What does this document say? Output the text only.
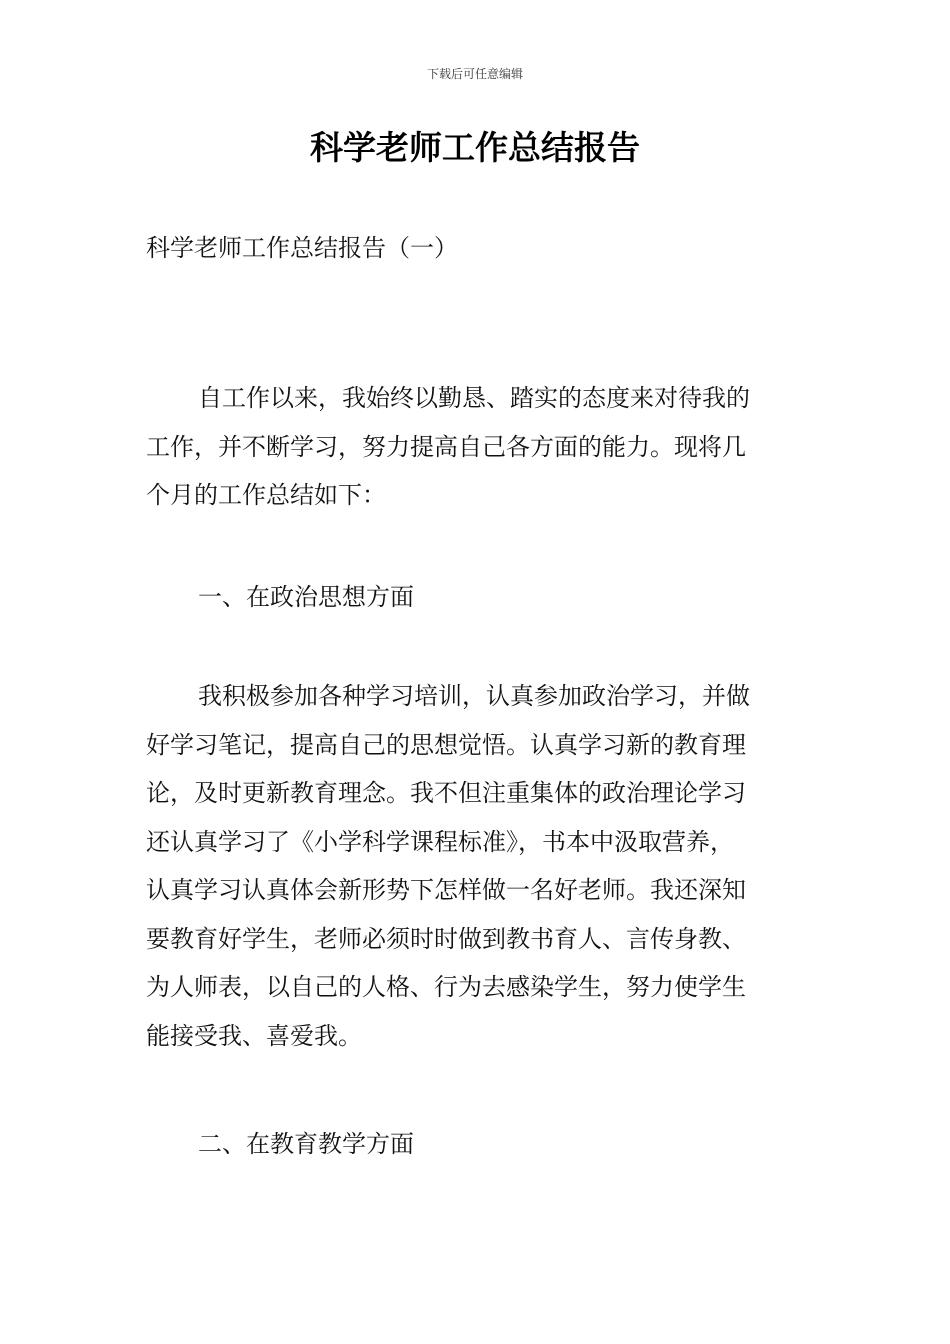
下载后可任意编辑
科学老师工作总结报告
科学老师工作总结报告（一）
自工作以来，我始终以勤恳、踏实的态度来对待我的
工作，并不断学习，努力提高自己各方面的能力。现将几
个月的工作总结如下：
一、在政治思想方面
我积极参加各种学习培训，认真参加政治学习，并做
好学习笔记，提高自己的思想觉悟。认真学习新的教育理
论，及时更新教育理念。我不但注重集体的政治理论学习
还认真学习了《小学科学课程标准》，书本中汲取营养，
认真学习认真体会新形势下怎样做一名好老师。我还深知
要教育好学生，老师必须时时做到教书育人、言传身教、
为人师表，以自己的人格、行为去感染学生，努力使学生
能接受我、喜爱我。
二、在教育教学方面
